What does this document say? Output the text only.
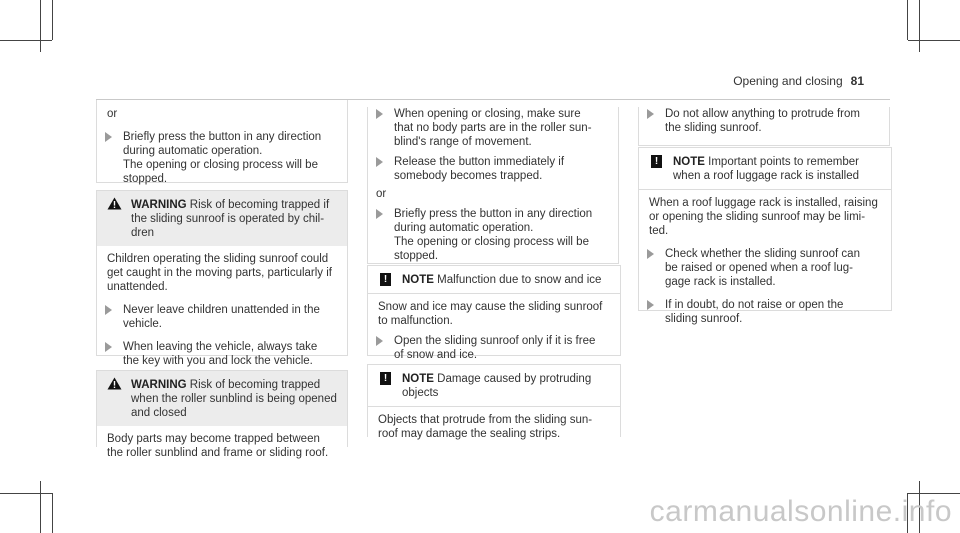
Opening and closing 81
or
Briefly press the button in any direction
during automatic operation.
The opening or closing process will be
stopped.
WARNING Risk of becoming trapped if
the sliding sunroof is operated by chil-
dren
Children operating the sliding sunroof could
get caught in the moving parts, particularly if
unattended.
Never leave children unattended in the
vehicle.
When leaving the vehicle, always take
the key with you and lock the vehicle.
WARNING Risk of becoming trapped
when the roller sunblind is being opened
and closed
Body parts may become trapped between
the roller sunblind and frame or sliding roof.
When opening or closing, make sure
that no body parts are in the roller sun-
blind's range of movement.
Release the button immediately if
somebody becomes trapped.
or
Briefly press the button in any direction
during automatic operation.
The opening or closing process will be
stopped.
!	NOTE Malfunction due to snow and ice
Snow and ice may cause the sliding sunroof
to malfunction.
Open the sliding sunroof only if it is free
of snow and ice.
!	NOTE Damage caused by protruding
objects
Objects that protrude from the sliding sun-
roof may damage the sealing strips.
Do not allow anything to protrude from
the sliding sunroof.
!	NOTE Important points to remember
when a roof luggage rack is installed
When a roof luggage rack is installed, raising
or opening the sliding sunroof may be limi-
ted.
Check whether the sliding sunroof can
be raised or opened when a roof lug-
gage rack is installed.
If in doubt, do not raise or open the
sliding sunroof.
carmanualsonline.info
